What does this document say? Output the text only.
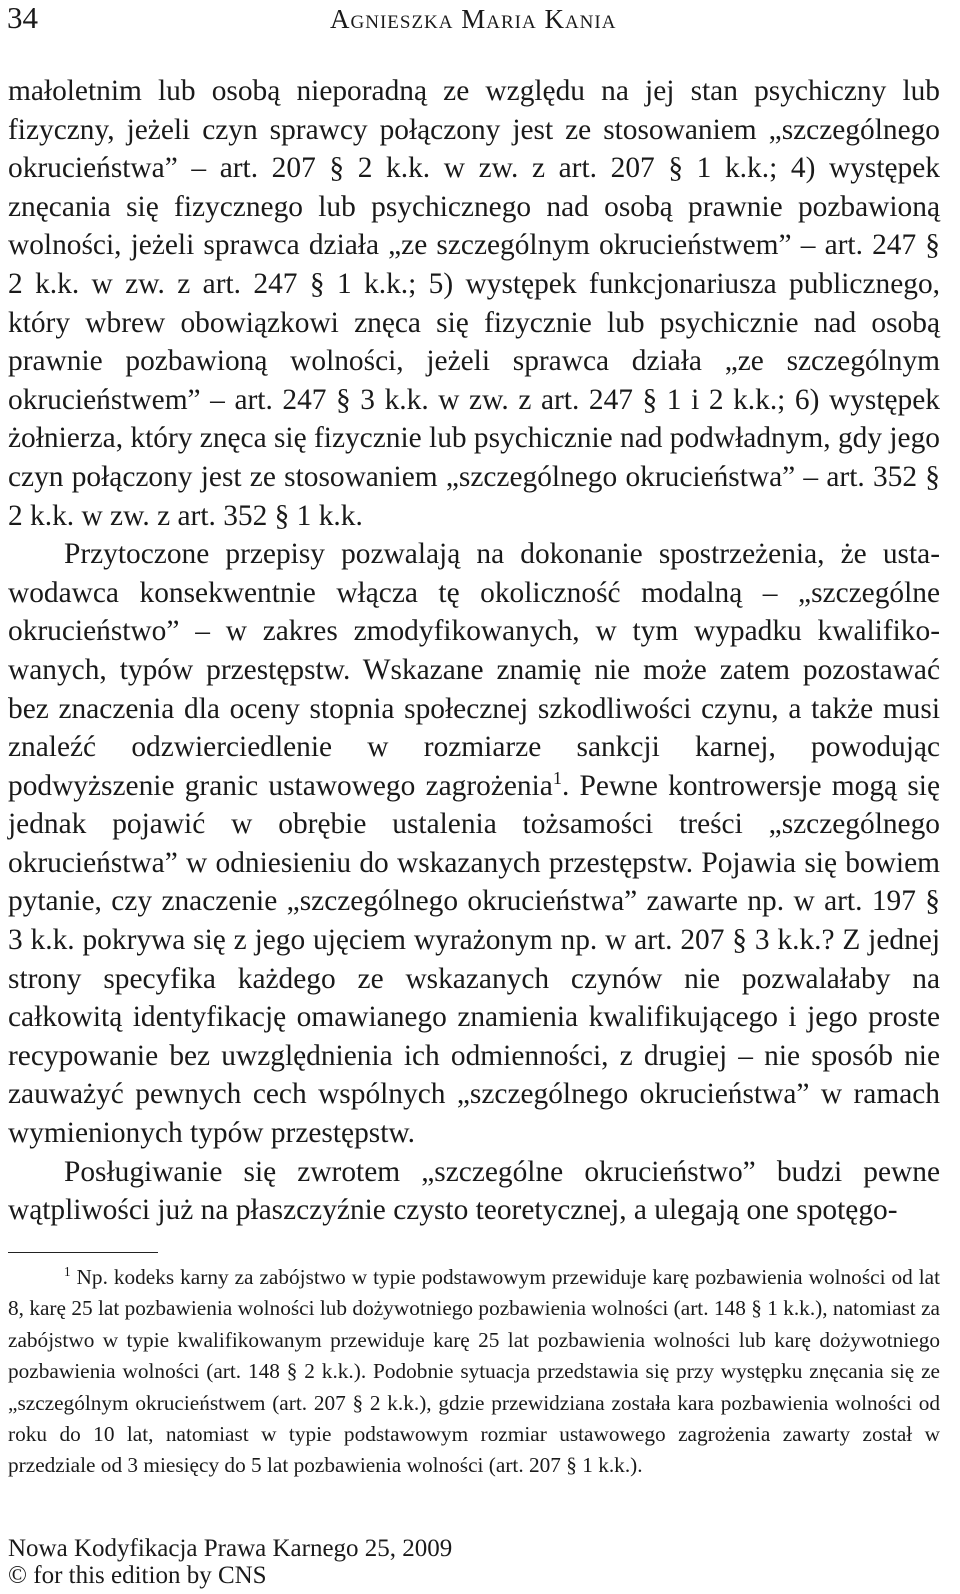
34	Agnieszka Maria Kania

małoletnim lub osobą nieporadną ze względu na jej stan psychiczny lub fizyczny, jeżeli czyn sprawcy połączony jest ze stosowaniem „szczególnego okrucieństwa” – art. 207 § 2 k.k. w zw. z art. 207 § 1 k.k.; 4) występek znęcania się fizycznego lub psychicznego nad osobą prawnie pozbawioną wolności, jeżeli sprawca działa „ze szczególnym okrucieństwem” – art. 247 § 2 k.k. w zw. z art. 247 § 1 k.k.; 5) występek funkcjonariusza publicznego, który wbrew obowiązkowi znęca się fizycznie lub psychicznie nad osobą prawnie pozbawioną wolności, jeżeli sprawca działa „ze szczególnym okrucieństwem” – art. 247 § 3 k.k. w zw. z art. 247 § 1 i 2 k.k.; 6) występek żołnierza, który znęca się fizycznie lub psychicznie nad podwładnym, gdy jego czyn połączony jest ze stosowaniem „szczególnego okrucieństwa” – art. 352 § 2 k.k. w zw. z art. 352 § 1 k.k.

Przytoczone przepisy pozwalają na dokonanie spostrzeżenia, że ustawodawca konsekwentnie włącza tę okoliczność modalną – „szczególne okrucieństwo” – w zakres zmodyfikowanych, w tym wypadku kwalifikowanych, typów przestępstw. Wskazane znamię nie może zatem pozostawać bez znaczenia dla oceny stopnia społecznej szkodliwości czynu, a także musi znaleźć odzwierciedlenie w rozmiarze sankcji karnej, powodując podwyższenie granic ustawowego zagrożenia$^1$. Pewne kontrowersje mogą się jednak pojawić w obrębie ustalenia tożsamości treści „szczególnego okrucieństwa” w odniesieniu do wskazanych przestępstw. Pojawia się bowiem pytanie, czy znaczenie „szczególnego okrucieństwa” zawarte np. w art. 197 § 3 k.k. pokrywa się z jego ujęciem wyrażonym np. w art. 207 § 3 k.k.? Z jednej strony specyfika każdego ze wskazanych czynów nie pozwalałaby na całkowitą identyfikację omawianego znamienia kwalifikującego i jego proste recypowanie bez uwzględnienia ich odmienności, z drugiej – nie sposób nie zauważyć pewnych cech wspólnych „szczególnego okrucieństwa” w ramach wymienionych typów przestępstw.

Posługiwanie się zwrotem „szczególne okrucieństwo” budzi pewne wątpliwości już na płaszczyźnie czysto teoretycznej, a ulegają one spotęgo-

$^1$ Np. kodeks karny za zabójstwo w typie podstawowym przewiduje karę pozbawienia wolności od lat 8, karę 25 lat pozbawienia wolności lub dożywotniego pozbawienia wolności (art. 148 § 1 k.k.), natomiast za zabójstwo w typie kwalifikowanym przewiduje karę 25 lat pozbawienia wolności lub karę dożywotniego pozbawienia wolności (art. 148 § 2 k.k.). Podobnie sytuacja przedstawia się przy występku znęcania się ze „szczególnym okrucieństwem (art. 207 § 2 k.k.), gdzie przewidziana została kara pozbawienia wolności od roku do 10 lat, natomiast w typie podstawowym rozmiar ustawowego zagrożenia zawarty został w przedziale od 3 miesięcy do 5 lat pozbawienia wolności (art. 207 § 1 k.k.).

Nowa Kodyfikacja Prawa Karnego 25, 2009
© for this edition by CNS
